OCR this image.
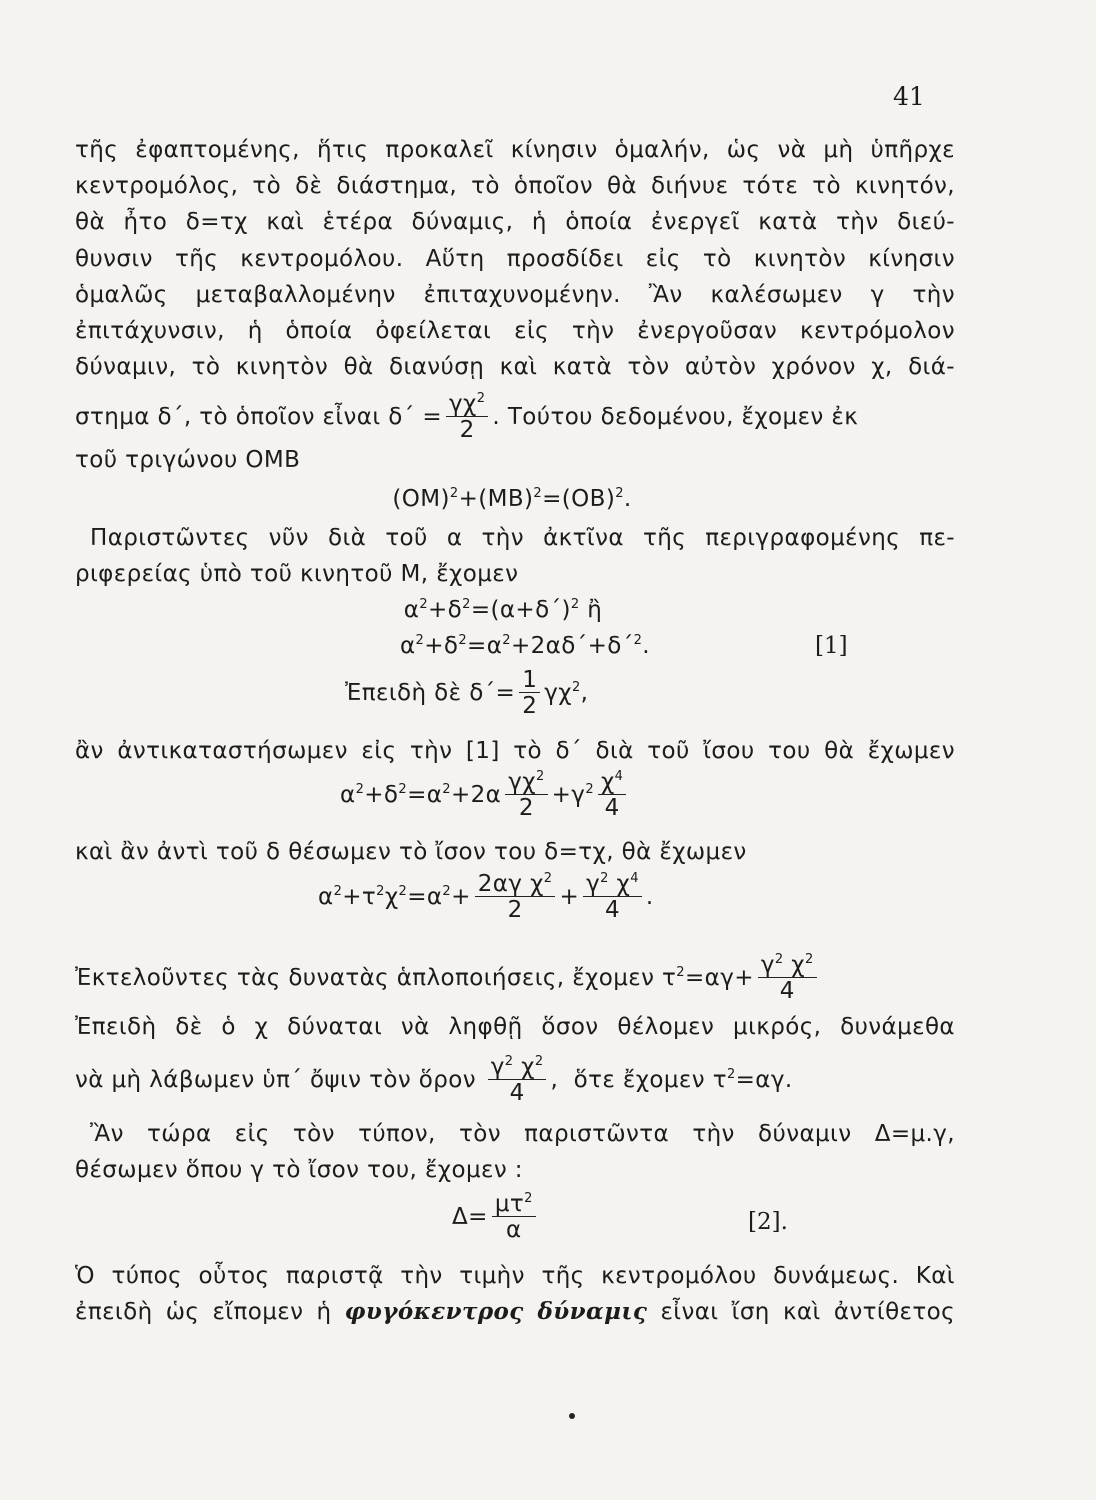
41
τῆς ἐφαπτομένης, ἥτις προκαλεῖ κίνησιν ὁμαλήν, ὡς νὰ μὴ ὑπῆρχε
κεντρομόλος, τὸ δὲ διάστημα, τὸ ὁποῖον θὰ διήνυε τότε τὸ κινητόν,
θὰ ἦτο δ=τχ καὶ ἑτέρα δύναμις, ἡ ὁποία ἐνεργεῖ κατὰ τὴν διεύ-
θυνσιν τῆς κεντρομόλου. Αὕτη προσδίδει εἰς τὸ κινητὸν κίνησιν
ὁμαλῶς μεταβαλλομένην ἐπιταχυνομένην. Ἂν καλέσωμεν γ τὴν
ἐπιτάχυνσιν, ἡ ὁποία ὀφείλεται εἰς τὴν ἐνεργοῦσαν κεντρόμολον
δύναμιν, τὸ κινητὸν θὰ διανύσῃ καὶ κατὰ τὸν αὐτὸν χρόνον χ, διά-
στημα δ΄, τὸ ὁποῖον εἶναι $\delta΄ = \frac{\gamma\chi^2}{2}$ . Τούτου δεδομένου, ἔχομεν ἐκ
τοῦ τριγώνου ΟΜΒ
$(OM)^2+(MB)^2=(OB)^2$.
Παριστῶντες νῦν διὰ τοῦ α τὴν ἀκτῖνα τῆς περιγραφομένης πε-
ριφερείας ὑπὸ τοῦ κινητοῦ Μ, ἔχομεν
$\alpha^2+\delta^2=(\alpha+\delta΄)^2$ ἢ
$\alpha^2+\delta^2=\alpha^2+2\alpha\delta΄+\delta΄^2$.	[1]
Ἐπειδὴ δὲ $\delta΄= \frac{1}{2} \gamma\chi^2$,
ἂν ἀντικαταστήσωμεν εἰς τὴν [1] τὸ δ΄ διὰ τοῦ ἴσου του θὰ ἔχωμεν
$\alpha^2+\delta^2=\alpha^2+2\alpha \frac{\gamma\chi^2}{2} +\gamma^2 \frac{\chi^4}{4}$
καὶ ἂν ἀντὶ τοῦ δ θέσωμεν τὸ ἴσον του δ=τχ, θὰ ἔχωμεν
$\alpha^2+\tau^2\chi^2=\alpha^2+ \frac{2\alpha\gamma \chi^2}{2} + \frac{\gamma^2 \chi^4}{4}$ .
Ἐκτελοῦντες τὰς δυνατὰς ἁπλοποιήσεις, ἔχομεν $\tau^2=\alpha\gamma+ \frac{\gamma^2 \chi^2}{4}$
Ἐπειδὴ δὲ ὁ χ δύναται νὰ ληφθῇ ὅσον θέλομεν μικρός, δυνάμεθα
νὰ μὴ λάβωμεν ὑπ΄ ὄψιν τὸν ὅρον $\frac{\gamma^2 \chi^2}{4}$ , ὅτε ἔχομεν $\tau^2=\alpha\gamma$.
Ἂν τώρα εἰς τὸν τύπον, τὸν παριστῶντα τὴν δύναμιν Δ=μ.γ,
θέσωμεν ὅπου γ τὸ ἴσον του, ἔχομεν :
$\Delta= \frac{\mu\tau^2}{\alpha}$	[2].
Ὁ τύπος οὗτος παριστᾷ τὴν τιμὴν τῆς κεντρομόλου δυνάμεως. Καὶ
ἐπειδὴ ὡς εἴπομεν ἡ φυγόκεντρος δύναμις εἶναι ἴση καὶ ἀντίθετος
